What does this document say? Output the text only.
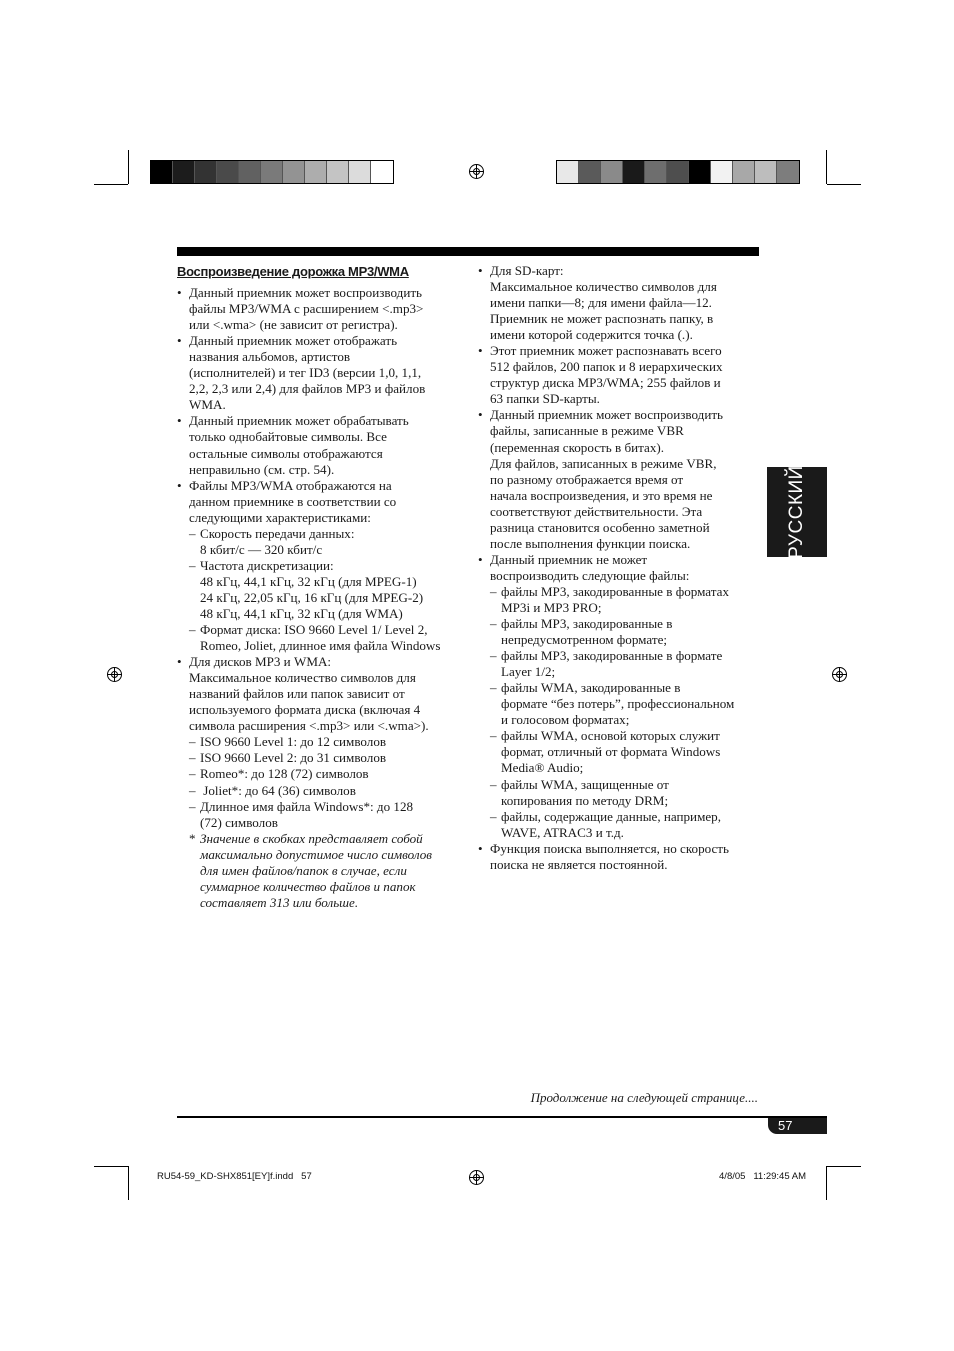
Воспроизведение дорожка MP3/WMA
• Данный приемник может воспроизводить
файлы MP3/WMA с расширением <.mp3>
или <.wma> (не зависит от регистра).
• Данный приемник может отображать
названия альбомов, артистов
(исполнителей) и тег ID3 (версии 1,0, 1,1,
2,2, 2,3 или 2,4) для файлов MP3 и файлов
WMA.
• Данный приемник может обрабатывать
только однобайтовые символы. Все
остальные символы отображаются
неправильно (см. стр. 54).
• Файлы MP3/WMA отображаются на
данном приемнике в соответствии со
следующими характеристиками:
– Скорость передачи данных:
8 кбит/с — 320 кбит/с
– Частота дискретизации:
48 кГц, 44,1 кГц, 32 кГц (для MPEG-1)
24 кГц, 22,05 кГц, 16 кГц (для MPEG-2)
48 кГц, 44,1 кГц, 32 кГц (для WMA)
– Формат диска: ISO 9660 Level 1/ Level 2,
Romeo, Joliet, длинное имя файла Windows
• Для дисков MP3 и WMA:
Максимальное количество символов для
названий файлов или папок зависит от
используемого формата диска (включая 4
символа расширения <.mp3> или <.wma>).
– ISO 9660 Level 1: до 12 символов
– ISO 9660 Level 2: до 31 символов
– Romeo*: до 128 (72) символов
–  Joliet*: до 64 (36) символов
– Длинное имя файла Windows*: до 128
(72) символов
* Значение в скобках представляет собой
максимально допустимое число символов
для имен файлов/папок в случае, если
суммарное количество файлов и папок
составляет 313 или больше.
• Для SD-карт:
Максимальное количество символов для
имени папки—8; для имени файла—12.
Приемник не может распознать папку, в
имени которой содержится точка (.).
• Этот приемник может распознавать всего
512 файлов, 200 папок и 8 иерархических
структур диска MP3/WMA; 255 файлов и
63 папки SD-карты.
• Данный приемник может воспроизводить
файлы, записанные в режиме VBR
(переменная скорость в битах).
Для файлов, записанных в режиме VBR,
по разному отображается время от
начала воспроизведения, и это время не
соответствуют действительности. Эта
разница становится особенно заметной
после выполнения функции поиска.
• Данный приемник не может
воспроизводить следующие файлы:
– файлы MP3, закодированные в форматах
MP3i и MP3 PRO;
– файлы MP3, закодированные в
непредусмотренном формате;
– файлы MP3, закодированные в формате
Layer 1/2;
– файлы WMA, закодированные в
формате “без потерь”, профессиональном
и голосовом форматах;
– файлы WMA, основой которых служит
формат, отличный от формата Windows
Media® Audio;
– файлы WMA, защищенные от
копирования по методу DRM;
– файлы, содержащие данные, например,
WAVE, ATRAC3 и т.д.
• Функция поиска выполняется, но скорость
поиска не является постоянной.
РУССКИЙ
Продолжение на следующей странице....
57
RU54-59_KD-SHX851[EY]f.indd   57	4/8/05   11:29:45 AM
